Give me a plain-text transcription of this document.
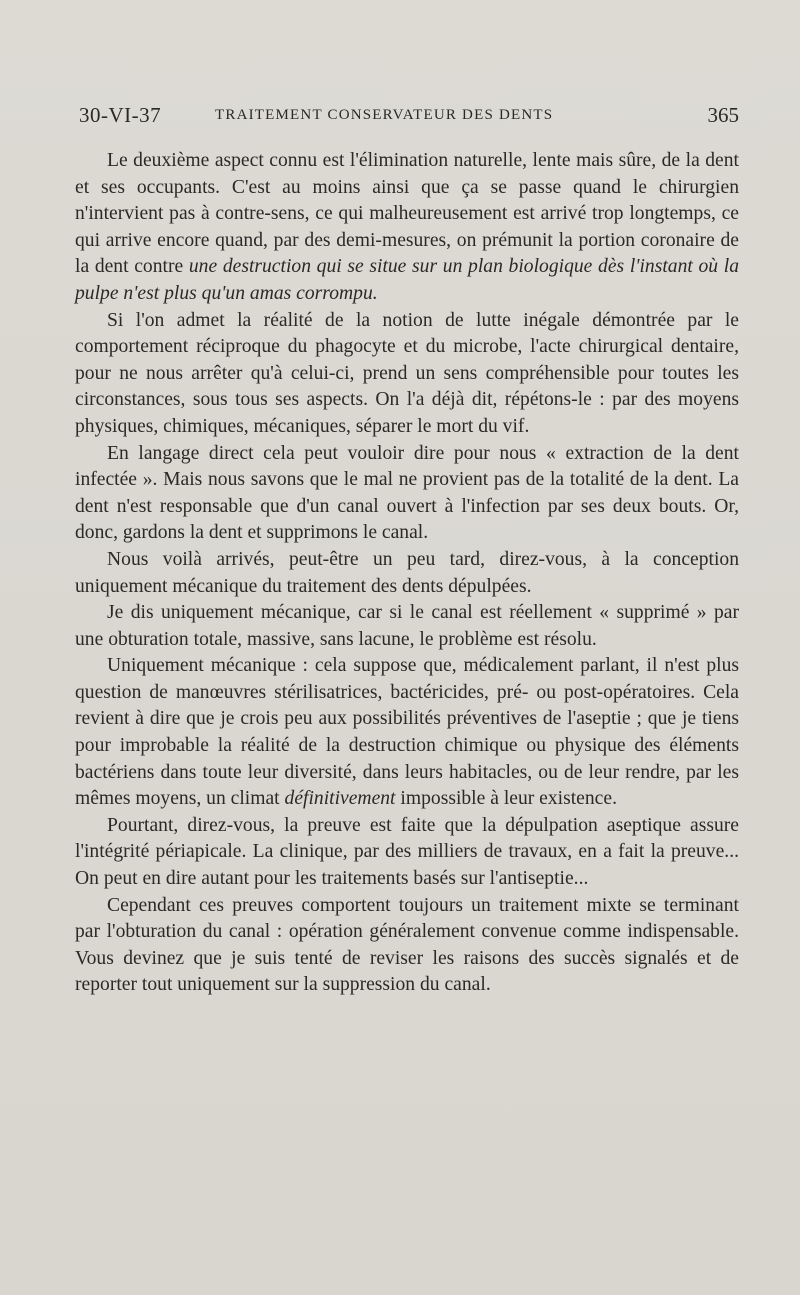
30-VI-37	TRAITEMENT CONSERVATEUR DES DENTS	365

Le deuxième aspect connu est l'élimination naturelle, lente mais sûre, de la dent et ses occupants. C'est au moins ainsi que ça se passe quand le chirurgien n'intervient pas à contre-sens, ce qui malheureusement est arrivé trop longtemps, ce qui arrive encore quand, par des demi-mesures, on prémunit la portion coronaire de la dent contre une destruction qui se situe sur un plan biologique dès l'instant où la pulpe n'est plus qu'un amas corrompu.

Si l'on admet la réalité de la notion de lutte inégale démontrée par le comportement réciproque du phagocyte et du microbe, l'acte chirurgical dentaire, pour ne nous arrêter qu'à celui-ci, prend un sens compréhensible pour toutes les circonstances, sous tous ses aspects. On l'a déjà dit, répétons-le : par des moyens physiques, chimiques, mécaniques, séparer le mort du vif.

En langage direct cela peut vouloir dire pour nous « extraction de la dent infectée ». Mais nous savons que le mal ne provient pas de la totalité de la dent. La dent n'est responsable que d'un canal ouvert à l'infection par ses deux bouts. Or, donc, gardons la dent et supprimons le canal.

Nous voilà arrivés, peut-être un peu tard, direz-vous, à la conception uniquement mécanique du traitement des dents dépulpées.

Je dis uniquement mécanique, car si le canal est réellement « supprimé » par une obturation totale, massive, sans lacune, le problème est résolu.

Uniquement mécanique : cela suppose que, médicalement parlant, il n'est plus question de manœuvres stérilisatrices, bactéricides, pré- ou post-opératoires. Cela revient à dire que je crois peu aux possibilités préventives de l'aseptie ; que je tiens pour improbable la réalité de la destruction chimique ou physique des éléments bactériens dans toute leur diversité, dans leurs habitacles, ou de leur rendre, par les mêmes moyens, un climat définitivement impossible à leur existence.

Pourtant, direz-vous, la preuve est faite que la dépulpation aseptique assure l'intégrité périapicale. La clinique, par des milliers de travaux, en a fait la preuve... On peut en dire autant pour les traitements basés sur l'antiseptie...

Cependant ces preuves comportent toujours un traitement mixte se terminant par l'obturation du canal : opération généralement convenue comme indispensable. Vous devinez que je suis tenté de reviser les raisons des succès signalés et de reporter tout uniquement sur la suppression du canal.
